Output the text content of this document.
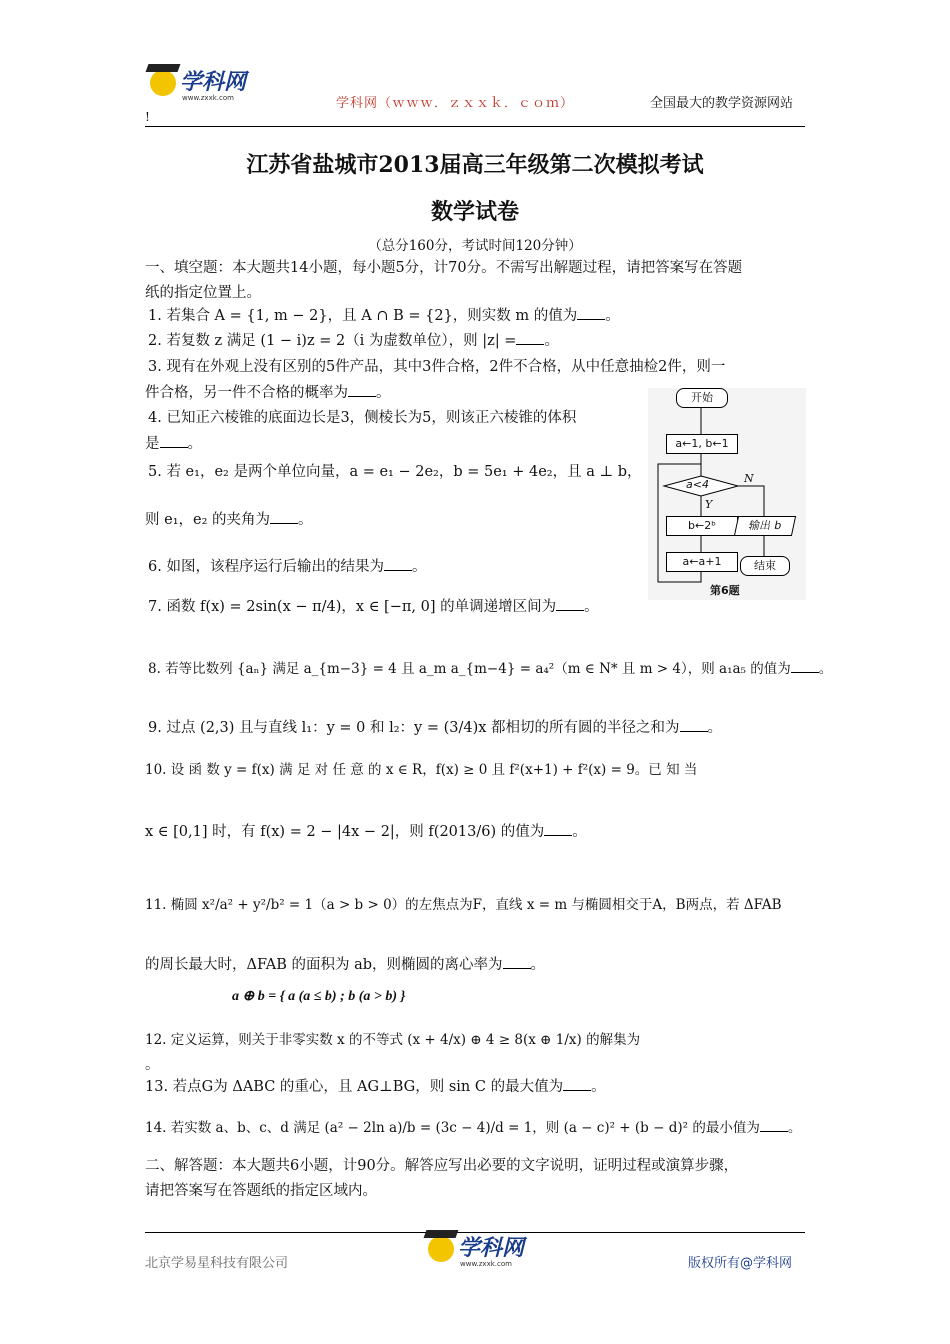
学科网
www.zxxk.com	学科网（ｗｗｗ．ｚｘｘｋ．ｃｏｍ）	全国最大的教学资源网站
!
江苏省盐城市2013届高三年级第二次模拟考试
数学试卷
（总分160分，考试时间120分钟）
一、填空题：本大题共14小题，每小题5分，计70分。不需写出解题过程，请把答案写在答题
纸的指定位置上。
1. 若集合 A = {1, m − 2}，且 A ∩ B = {2}，则实数 m 的值为 。
2. 若复数 z 满足 (1 − i)z = 2（i 为虚数单位），则 |z| = 。
3. 现有在外观上没有区别的5件产品，其中3件合格，2件不合格，从中任意抽检2件，则一
件合格，另一件不合格的概率为 。
4. 已知正六棱锥的底面边长是3，侧棱长为5，则该正六棱锥的体积
是 。
5. 若 e₁，e₂ 是两个单位向量，a = e₁ − 2e₂，b = 5e₁ + 4e₂，且 a ⊥ b，
则 e₁，e₂ 的夹角为 。
6. 如图，该程序运行后输出的结果为 。
7. 函数 f(x) = 2sin(x − π/4)，x ∈ [−π, 0] 的单调递增区间为 。
8. 若等比数列 {aₙ} 满足 a_{m−3} = 4 且 a_m a_{m−4} = a₄²（m ∈ N* 且 m > 4），则 a₁a₅ 的值为 。
9. 过点 (2,3) 且与直线 l₁：y = 0 和 l₂：y = (3/4)x 都相切的所有圆的半径之和为 。
10. 设 函 数 y = f(x) 满 足 对 任 意 的 x ∈ R，f(x) ≥ 0 且 f²(x+1) + f²(x) = 9。已 知 当
x ∈ [0,1] 时，有 f(x) = 2 − |4x − 2|，则 f(2013/6) 的值为 。
11. 椭圆 x²/a² + y²/b² = 1（a > b > 0）的左焦点为F，直线 x = m 与椭圆相交于A，B两点，若 ΔFAB
的周长最大时，ΔFAB 的面积为 ab，则椭圆的离心率为 。
a ⊕ b = { a (a ≤ b) ; b (a > b) }
12. 定义运算，则关于非零实数 x 的不等式 (x + 4/x) ⊕ 4 ≥ 8(x ⊕ 1/x) 的解集为
。
13. 若点G为 ΔABC 的重心，且 AG⊥BG，则 sin C 的最大值为 。
14. 若实数 a、b、c、d 满足 (a² − 2ln a)/b = (3c − 4)/d = 1，则 (a − c)² + (b − d)² 的最小值为 。
二、解答题：本大题共6小题，计90分。解答应写出必要的文字说明，证明过程或演算步骤，
请把答案写在答题纸的指定区域内。
开始
a←1, b←1
a<4	N
Y
b←2ᵇ	输出 b
a←a+1	结束
第6题
北京学易星科技有限公司
学科网
www.zxxk.com	版权所有@学科网
